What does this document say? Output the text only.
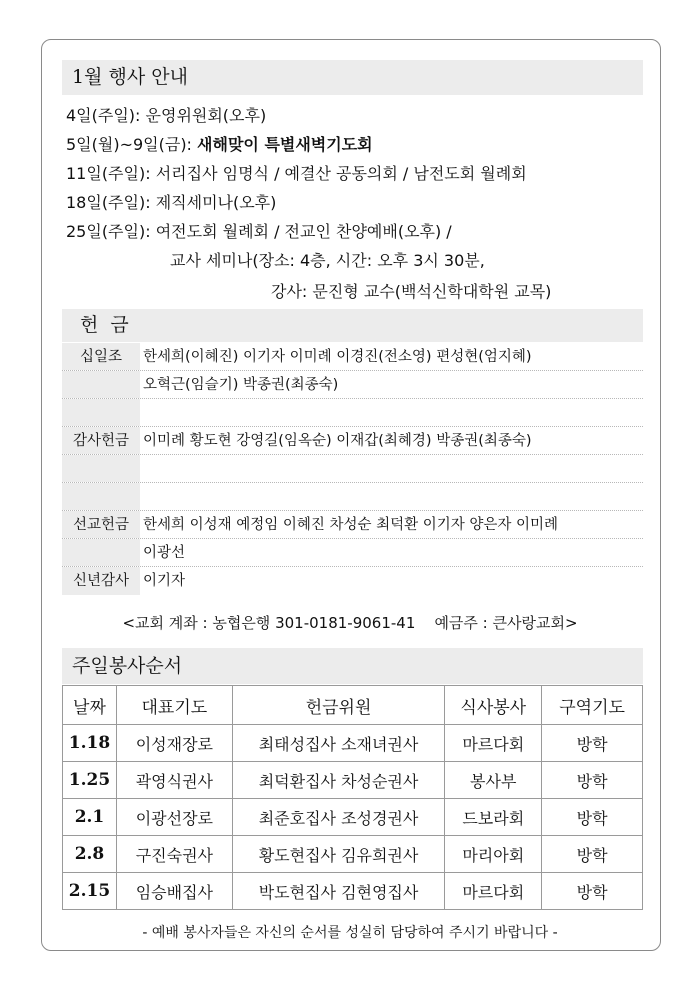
1월 행사 안내
4일(주일): 운영위원회(오후)
5일(월)~9일(금): 새해맞이 특별새벽기도회
11일(주일): 서리집사 임명식 / 예결산 공동의회 / 남전도회 월례회
18일(주일): 제직세미나(오후)
25일(주일): 여전도회 월례회 / 전교인 찬양예배(오후) /
교사 세미나(장소: 4층, 시간: 오후 3시 30분,
강사: 문진형 교수(백석신학대학원 교목)
헌 금
십일조	한세희(이혜진) 이기자 이미례 이경진(전소영) 편성현(엄지혜)
오혁근(임슬기) 박종권(최종숙)
감사헌금 이미례 황도현 강영길(임옥순) 이재갑(최혜경) 박종권(최종숙)
선교헌금 한세희 이성재 예정임 이혜진 차성순 최덕환 이기자 양은자 이미례
이광선
신년감사 이기자
<교회 계좌 : 농협은행 301-0181-9061-41    예금주 : 큰사랑교회>
주일봉사순서
날짜	대표기도	헌금위원	식사봉사	구역기도
1.18	이성재장로	최태성집사 소재녀권사	마르다회	방학
1.25	곽영식권사	최덕환집사 차성순권사	봉사부	방학
2.1	이광선장로	최준호집사 조성경권사	드보라회	방학
2.8	구진숙권사	황도현집사 김유희권사	마리아회	방학
2.15	임승배집사	박도현집사 김현영집사	마르다회	방학
- 예배 봉사자들은 자신의 순서를 성실히 담당하여 주시기 바랍니다 -
